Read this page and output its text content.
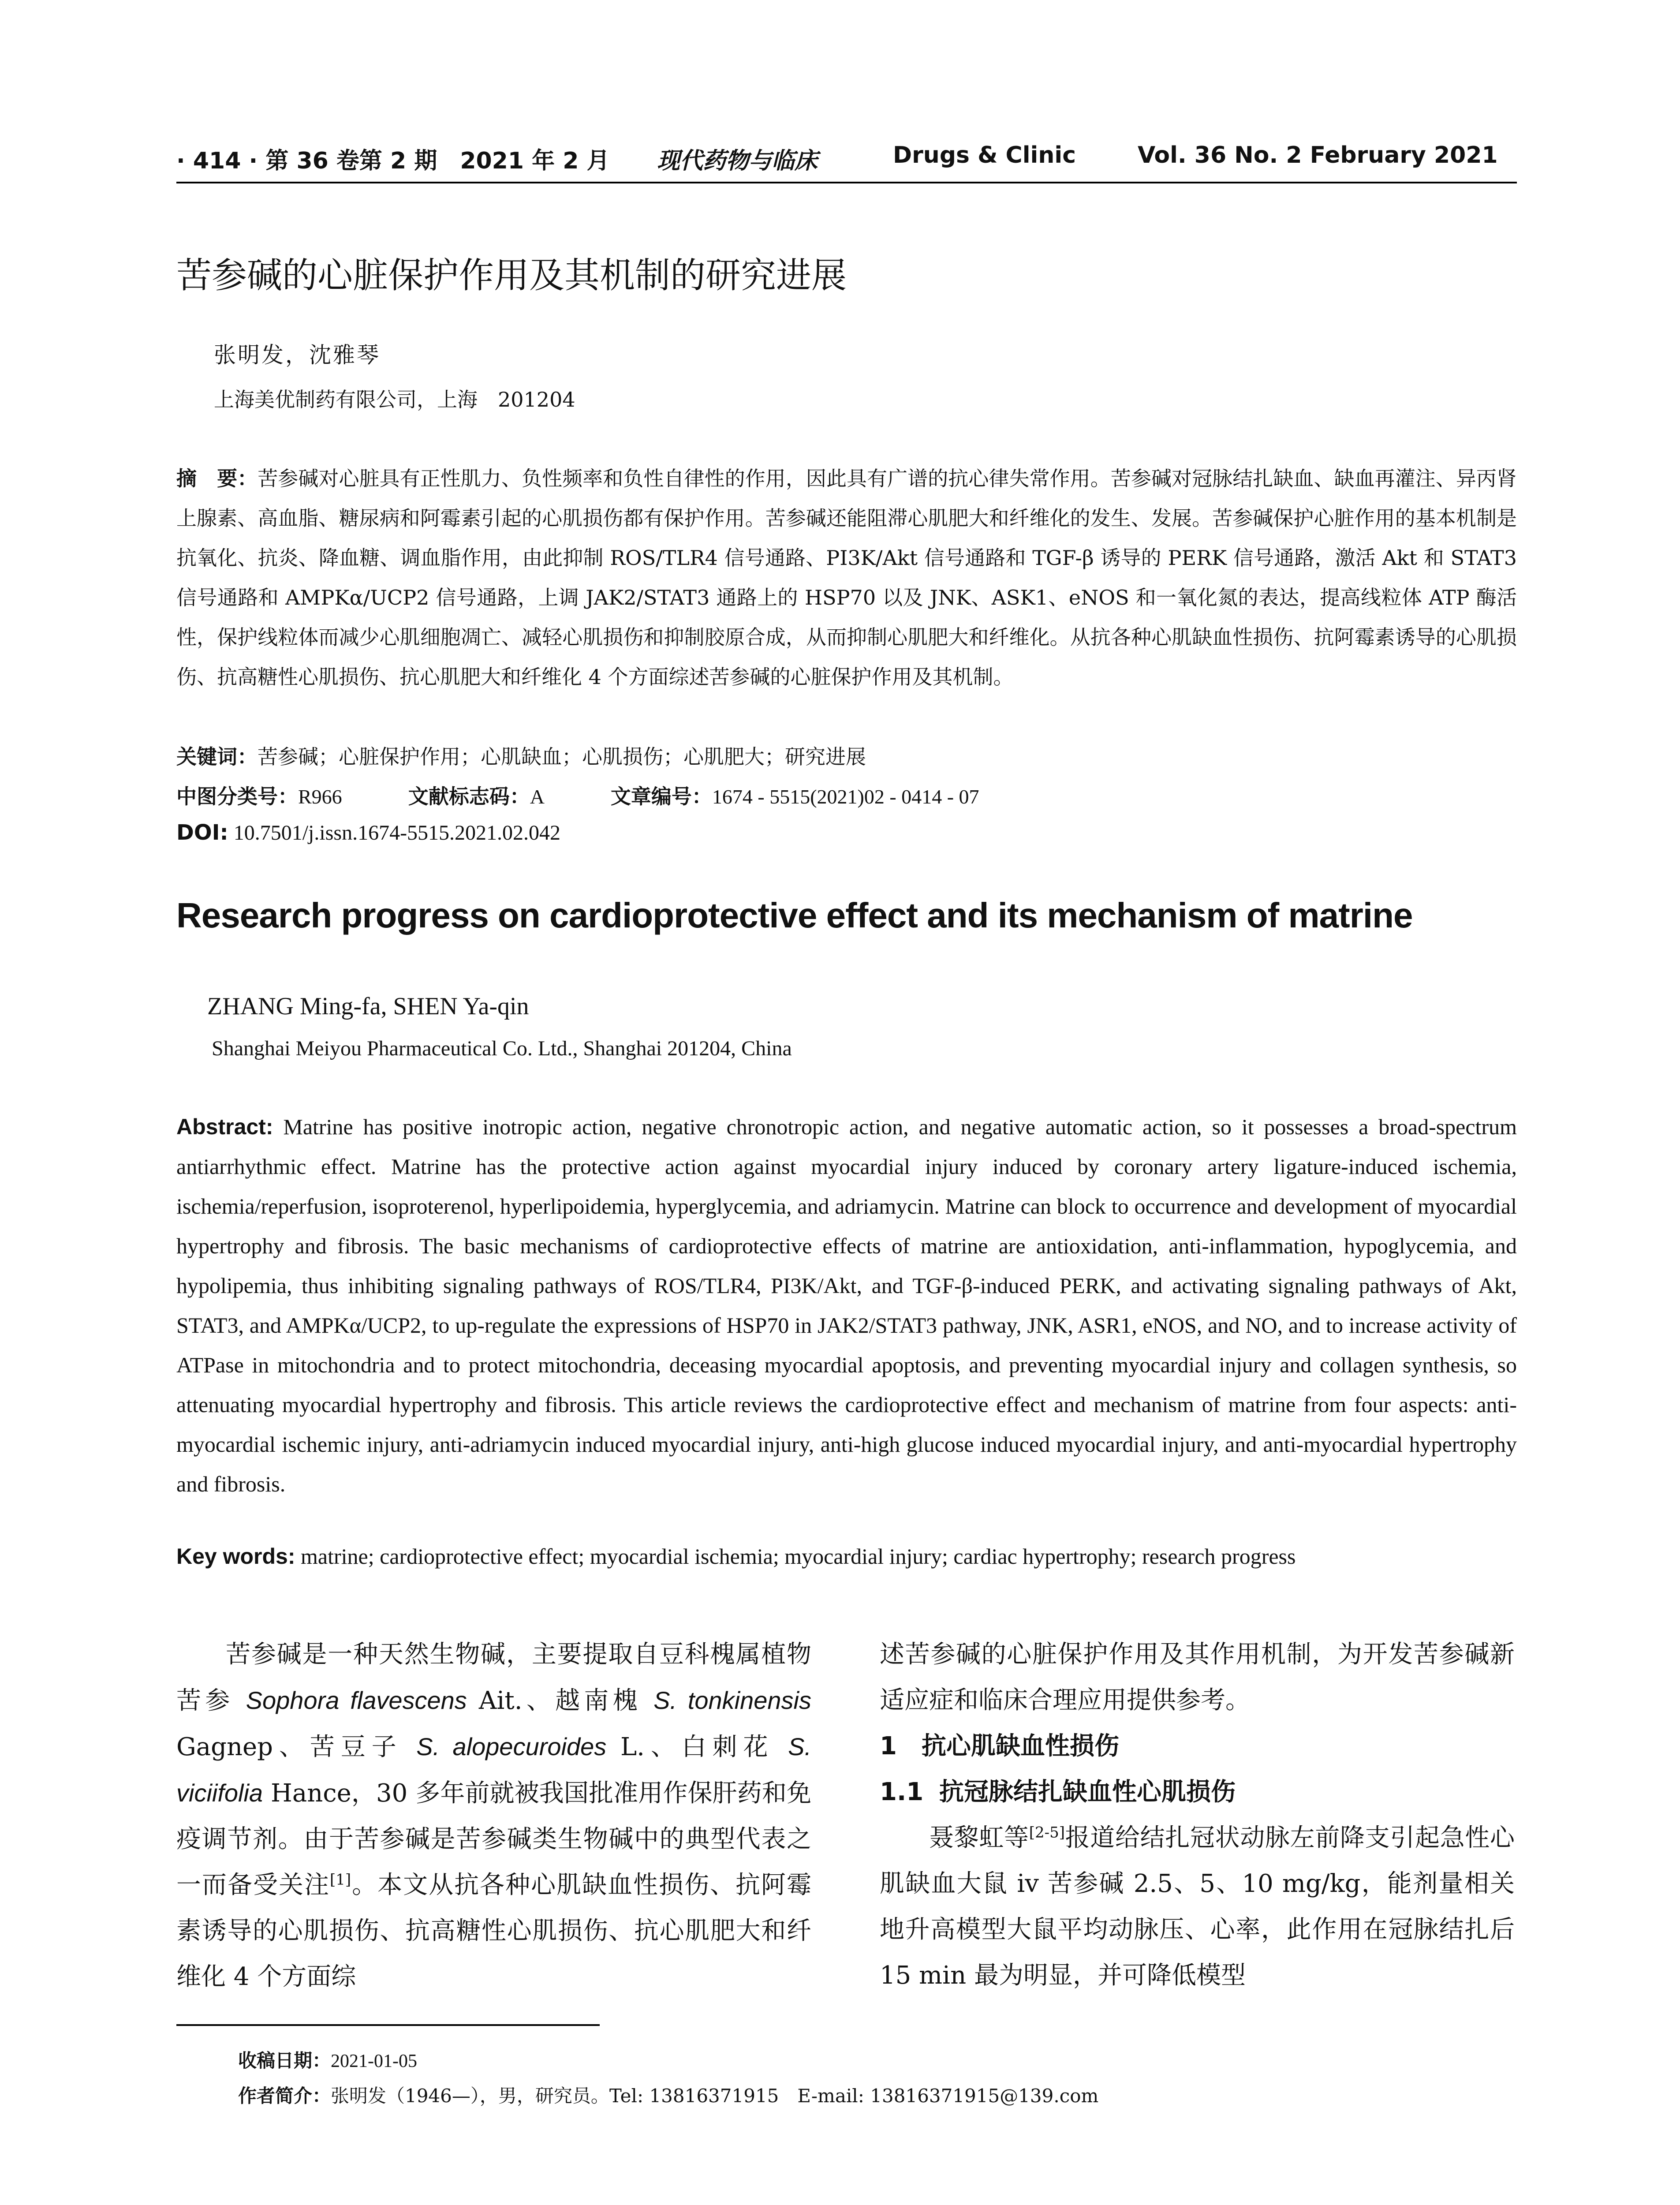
· 414 · 第 36 卷第 2 期　2021 年 2 月 现代药物与临床	Drugs & Clinic	Vol. 36 No. 2 February 2021
苦参碱的心脏保护作用及其机制的研究进展
张明发，沈雅琴
上海美优制药有限公司，上海　201204
摘　要：苦参碱对心脏具有正性肌力、负性频率和负性自律性的作用，因此具有广谱的抗心律失常作用。苦参碱对冠脉结扎缺血、缺血再灌注、异丙肾上腺素、高血脂、糖尿病和阿霉素引起的心肌损伤都有保护作用。苦参碱还能阻滞心肌肥大和纤维化的发生、发展。苦参碱保护心脏作用的基本机制是抗氧化、抗炎、降血糖、调血脂作用，由此抑制 ROS/TLR4 信号通路、PI3K/Akt 信号通路和 TGF-β 诱导的 PERK 信号通路，激活 Akt 和 STAT3 信号通路和 AMPKα/UCP2 信号通路，上调 JAK2/STAT3 通路上的 HSP70 以及 JNK、ASK1、eNOS 和一氧化氮的表达，提高线粒体 ATP 酶活性，保护线粒体而减少心肌细胞凋亡、减轻心肌损伤和抑制胶原合成，从而抑制心肌肥大和纤维化。从抗各种心肌缺血性损伤、抗阿霉素诱导的心肌损伤、抗高糖性心肌损伤、抗心肌肥大和纤维化 4 个方面综述苦参碱的心脏保护作用及其机制。
关键词：苦参碱；心脏保护作用；心肌缺血；心肌损伤；心肌肥大；研究进展
中图分类号：R966	文献标志码：A	文章编号：1674 - 5515(2021)02 - 0414 - 07
DOI: 10.7501/j.issn.1674-5515.2021.02.042
Research progress on cardioprotective effect and its mechanism of matrine
ZHANG Ming-fa, SHEN Ya-qin
Shanghai Meiyou Pharmaceutical Co. Ltd., Shanghai 201204, China
Abstract: Matrine has positive inotropic action, negative chronotropic action, and negative automatic action, so it possesses a broad-spectrum antiarrhythmic effect. Matrine has the protective action against myocardial injury induced by coronary artery ligature-induced ischemia, ischemia/reperfusion, isoproterenol, hyperlipoidemia, hyperglycemia, and adriamycin. Matrine can block to occurrence and development of myocardial hypertrophy and fibrosis. The basic mechanisms of cardioprotective effects of matrine are antioxidation, anti-inflammation, hypoglycemia, and hypolipemia, thus inhibiting signaling pathways of ROS/TLR4, PI3K/Akt, and TGF-β-induced PERK, and activating signaling pathways of Akt, STAT3, and AMPKα/UCP2, to up-regulate the expressions of HSP70 in JAK2/STAT3 pathway, JNK, ASR1, eNOS, and NO, and to increase activity of ATPase in mitochondria and to protect mitochondria, deceasing myocardial apoptosis, and preventing myocardial injury and collagen synthesis, so attenuating myocardial hypertrophy and fibrosis. This article reviews the cardioprotective effect and mechanism of matrine from four aspects: anti-myocardial ischemic injury, anti-adriamycin induced myocardial injury, anti-high glucose induced myocardial injury, and anti-myocardial hypertrophy and fibrosis.
Key words: matrine; cardioprotective effect; myocardial ischemia; myocardial injury; cardiac hypertrophy; research progress

苦参碱是一种天然生物碱，主要提取自豆科槐属植物苦参 Sophora flavescens Ait.、越南槐 S. tonkinensis Gagnep、苦豆子 S. alopecuroides L.、白刺花 S. viciifolia Hance，30 多年前就被我国批准用作保肝药和免疫调节剂。由于苦参碱是苦参碱类生物碱中的典型代表之一而备受关注[1]。本文从抗各种心肌缺血性损伤、抗阿霉素诱导的心肌损伤、抗高糖性心肌损伤、抗心肌肥大和纤维化 4 个方面综

述苦参碱的心脏保护作用及其作用机制，为开发苦参碱新适应症和临床合理应用提供参考。

1 抗心肌缺血性损伤

1.1 抗冠脉结扎缺血性心肌损伤

聂黎虹等[2-5]报道给结扎冠状动脉左前降支引起急性心肌缺血大鼠 iv 苦参碱 2.5、5、10 mg/kg，能剂量相关地升高模型大鼠平均动脉压、心率，此作用在冠脉结扎后 15 min 最为明显，并可降低模型

收稿日期：2021-01-05
作者简介：张明发（1946—），男，研究员。Tel: 13816371915　E-mail: 13816371915@139.com
